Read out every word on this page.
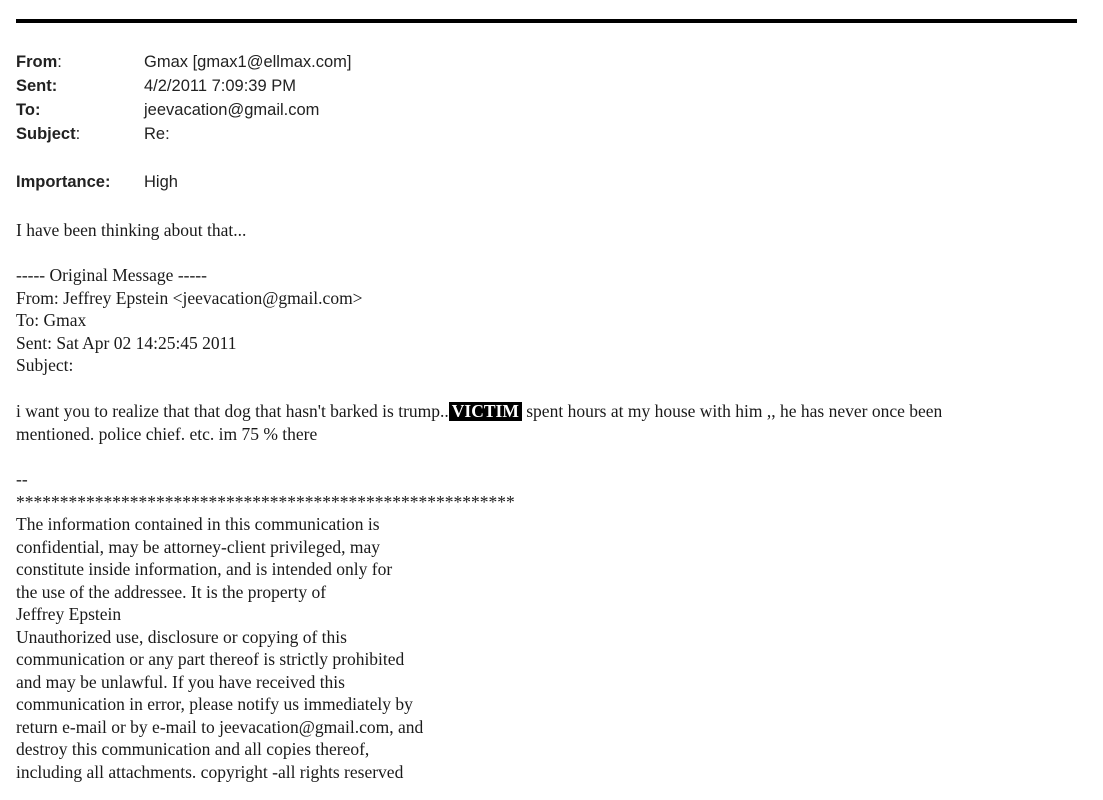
From:	Gmax [gmax1@ellmax.com]
Sent:	4/2/2011 7:09:39 PM
To:	jeevacation@gmail.com
Subject:	Re:
Importance: High
I have been thinking about that...
----- Original Message -----
From: Jeffrey Epstein <jeevacation@gmail.com>
To: Gmax
Sent: Sat Apr 02 14:25:45 2011
Subject:
i want you to realize that that dog that hasn't barked is trump.. VICTIM spent hours at my house with him ,, he has never once been
mentioned. police chief. etc. im 75 % there
--
*********************************************************
The information contained in this communication is
confidential, may be attorney-client privileged, may
constitute inside information, and is intended only for
the use of the addressee. It is the property of
Jeffrey Epstein
Unauthorized use, disclosure or copying of this
communication or any part thereof is strictly prohibited
and may be unlawful. If you have received this
communication in error, please notify us immediately by
return e-mail or by e-mail to jeevacation@gmail.com, and
destroy this communication and all copies thereof,
including all attachments. copyright -all rights reserved
